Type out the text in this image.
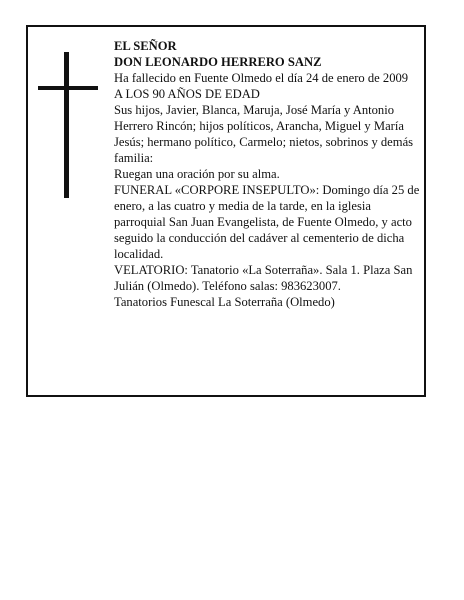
EL SEÑOR

DON LEONARDO HERRERO SANZ

Ha fallecido en Fuente Olmedo el día 24 de enero de 2009

A LOS 90 AÑOS DE EDAD

Sus hijos, Javier, Blanca, Maruja, José María y Antonio Herrero Rincón; hijos políticos, Arancha, Miguel y María Jesús; hermano político, Carmelo; nietos, sobrinos y demás familia:

Ruegan una oración por su alma.

FUNERAL «CORPORE INSEPULTO»: Domingo día 25 de enero, a las cuatro y media de la tarde, en la iglesia parroquial San Juan Evangelista, de Fuente Olmedo, y acto seguido la conducción del cadáver al cementerio de dicha localidad.

VELATORIO: Tanatorio «La Soterraña». Sala 1. Plaza San Julián (Olmedo). Teléfono salas: 983623007.

Tanatorios Funescal La Soterraña (Olmedo)
